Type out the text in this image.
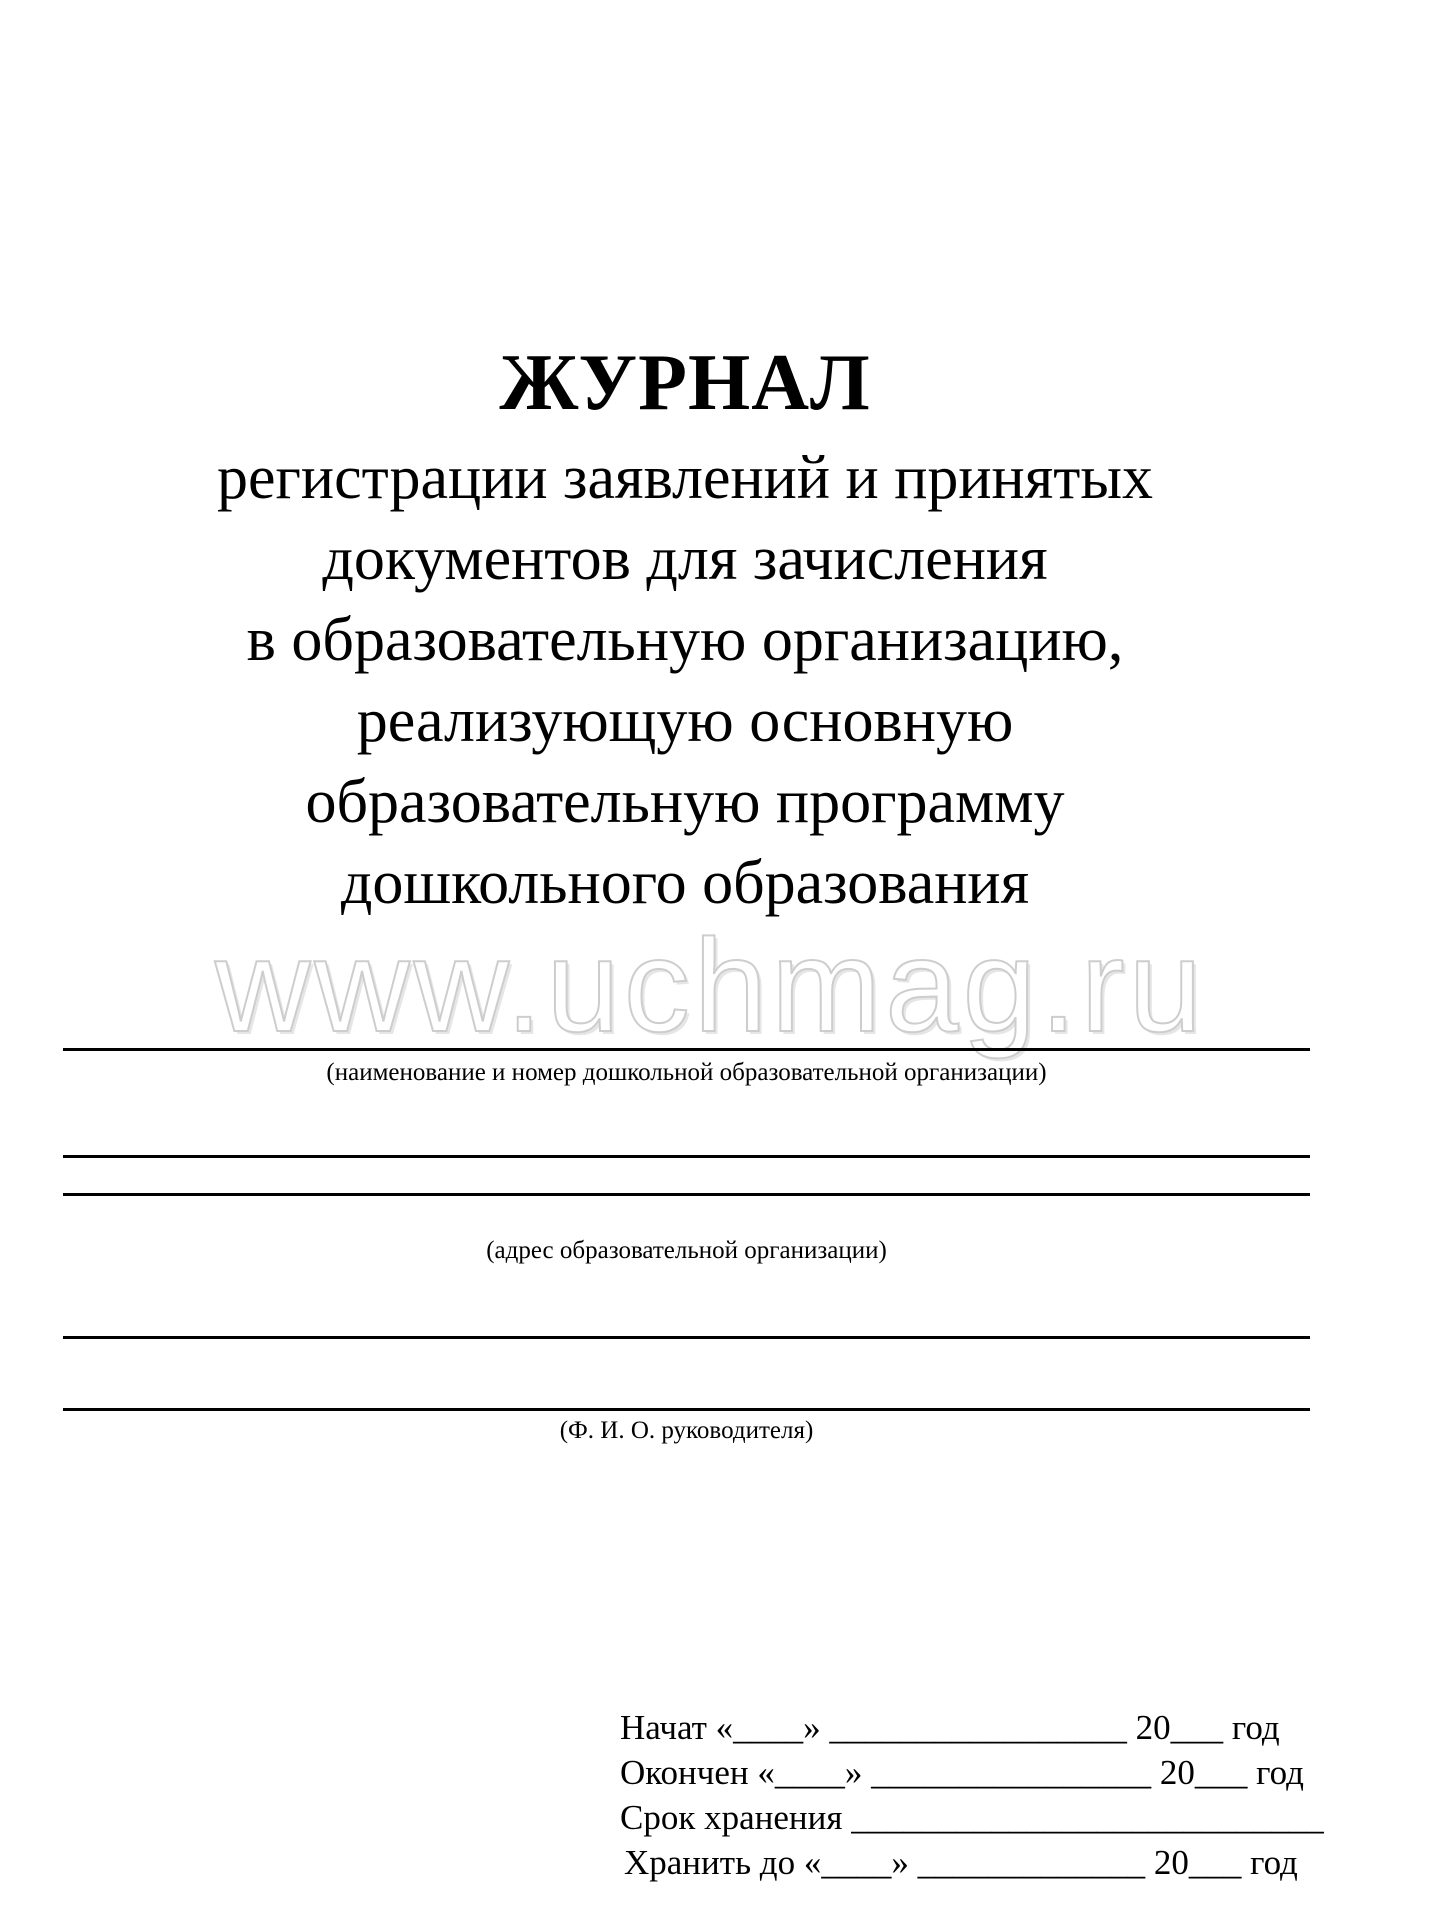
ЖУРНАЛ
регистрации заявлений и принятых
документов для зачисления
в образовательную организацию,
реализующую основную
образовательную программу
дошкольного образования
www.uchmag.ru
(наименование и номер дошкольной образовательной организации)
(адрес образовательной организации)
(Ф. И. О. руководителя)
Начат «____» _________________ 20___ год
Окончен «____» ________________ 20___ год
Срок хранения ___________________________
Хранить до «____» _____________ 20___ год
